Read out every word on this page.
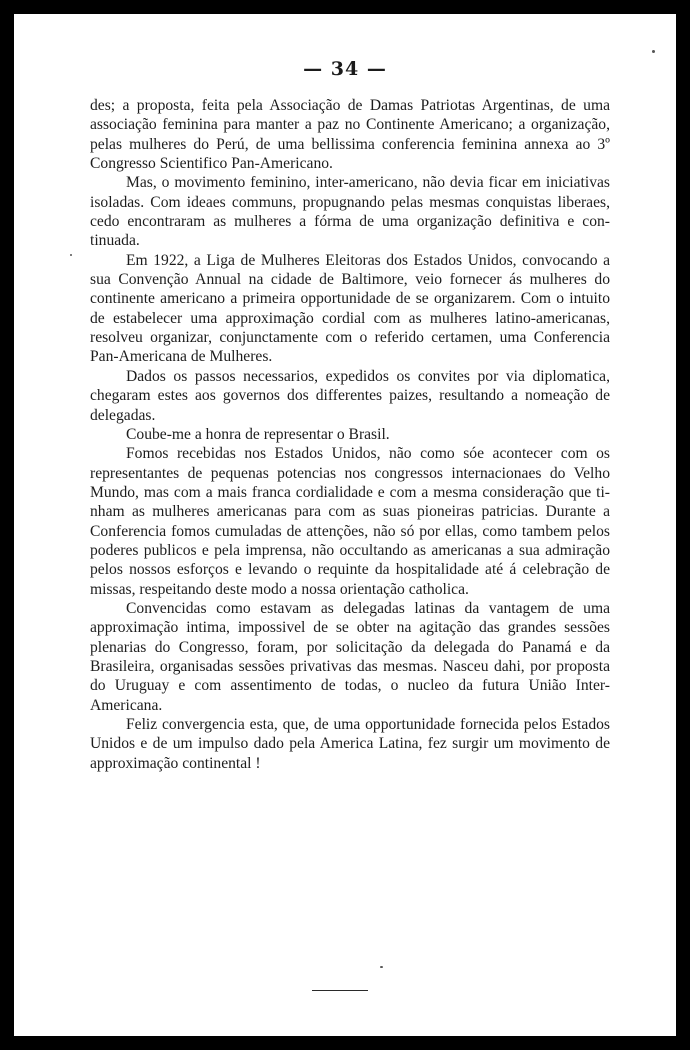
— 34 —

des; a proposta, feita pela Associação de Damas Patriotas Argentinas, de uma associação feminina para manter a paz no Continente Americano; a organização, pelas mulheres do Perú, de uma bellissima conferencia feminina annexa ao 3º Congresso Scientifico Pan-Americano.

Mas, o movimento feminino, inter-americano, não devia ficar em iniciativas isoladas. Com ideaes communs, propugnando pelas mesmas conquistas liberaes, cedo encontraram as mulheres a fórma de uma organização definitiva e continuada.

Em 1922, a Liga de Mulheres Eleitoras dos Estados Unidos, convocando a sua Convenção Annual na cidade de Baltimore, veio fornecer ás mulheres do continente americano a primeira opportunidade de se organizarem. Com o intuito de estabelecer uma approximação cordial com as mulheres latino-americanas, resolveu organizar, conjunctamente com o referido certamen, uma Conferencia Pan-Americana de Mulheres.

Dados os passos necessarios, expedidos os convites por via diplomatica, chegaram estes aos governos dos differentes paizes, resultando a nomeação de delegadas.

Coube-me a honra de representar o Brasil.

Fomos recebidas nos Estados Unidos, não como sóe acontecer com os representantes de pequenas potencias nos congressos internacionaes do Velho Mundo, mas com a mais franca cordialidade e com a mesma consideração que tinham as mulheres americanas para com as suas pioneiras patricias. Durante a Conferencia fomos cumuladas de attenções, não só por ellas, como tambem pelos poderes publicos e pela imprensa, não occultando as americanas a sua admiração pelos nossos esforços e levando o requinte da hospitalidade até á celebração de missas, respeitando deste modo a nossa orientação catholica.

Convencidas como estavam as delegadas latinas da vantagem de uma approximação intima, impossivel de se obter na agitação das grandes sessões plenarias do Congresso, foram, por solicitação da delegada do Panamá e da Brasileira, organisadas sessões privativas das mesmas. Nasceu dahi, por proposta do Uruguay e com assentimento de todas, o nucleo da futura União Inter-Americana.

Feliz convergencia esta, que, de uma opportunidade fornecida pelos Estados Unidos e de um impulso dado pela America Latina, fez surgir um movimento de approximação continental !
